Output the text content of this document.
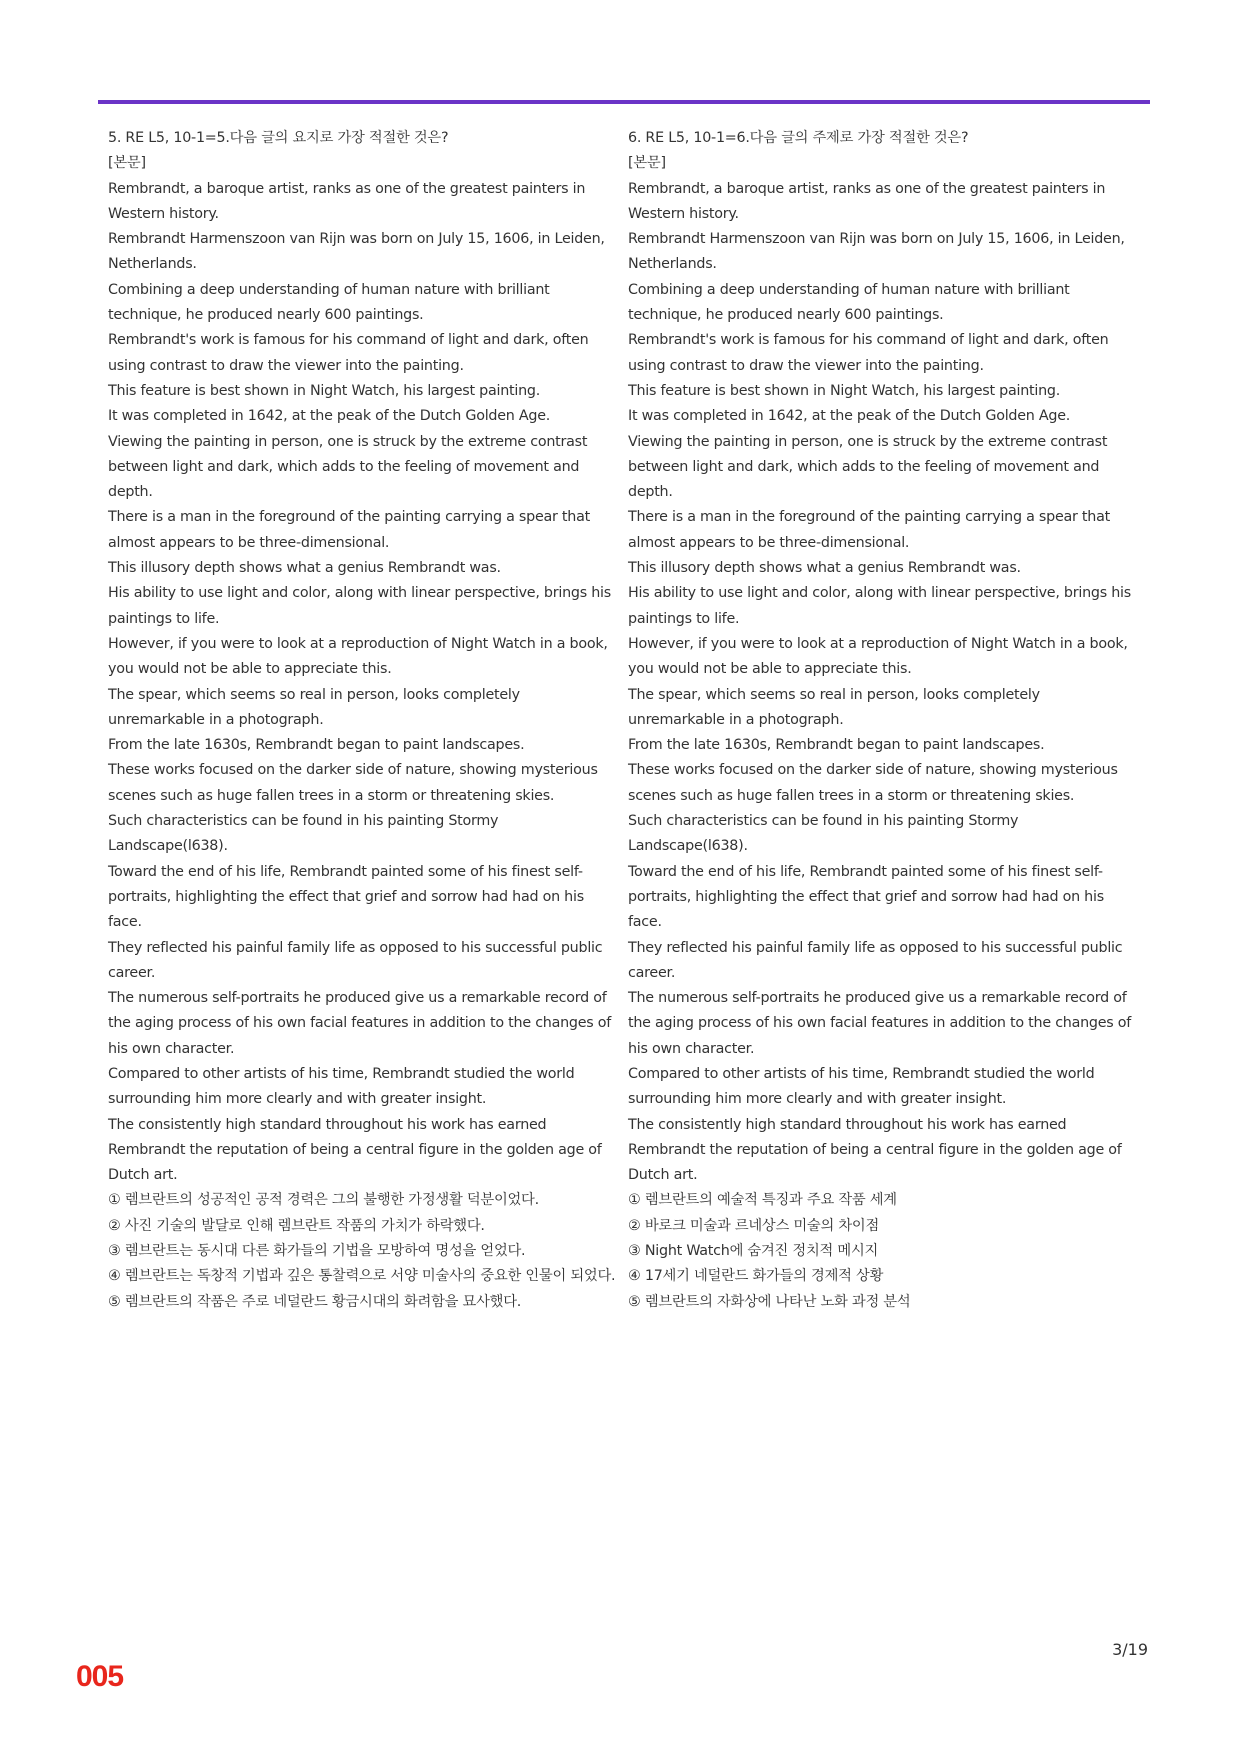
5. RE L5, 10-1=5.다음 글의 요지로 가장 적절한 것은?

[본문]

Rembrandt, a baroque artist, ranks as one of the greatest painters in Western history.

Rembrandt Harmenszoon van Rijn was born on July 15, 1606, in Leiden, Netherlands.

Combining a deep understanding of human nature with brilliant technique, he produced nearly 600 paintings.

Rembrandt's work is famous for his command of light and dark, often using contrast to draw the viewer into the painting.

This feature is best shown in Night Watch, his largest painting.

It was completed in 1642, at the peak of the Dutch Golden Age.

Viewing the painting in person, one is struck by the extreme contrast between light and dark, which adds to the feeling of movement and depth.

There is a man in the foreground of the painting carrying a spear that almost appears to be three-dimensional.

This illusory depth shows what a genius Rembrandt was.

His ability to use light and color, along with linear perspective, brings his paintings to life.

However, if you were to look at a reproduction of Night Watch in a book, you would not be able to appreciate this.

The spear, which seems so real in person, looks completely unremarkable in a photograph.

From the late 1630s, Rembrandt began to paint landscapes.

These works focused on the darker side of nature, showing mysterious scenes such as huge fallen trees in a storm or threatening skies.

Such characteristics can be found in his painting Stormy Landscape(l638).

Toward the end of his life, Rembrandt painted some of his finest self-portraits, highlighting the effect that grief and sorrow had had on his face.

They reflected his painful family life as opposed to his successful public career.

The numerous self-portraits he produced give us a remarkable record of the aging process of his own facial features in addition to the changes of his own character.

Compared to other artists of his time, Rembrandt studied the world surrounding him more clearly and with greater insight.

The consistently high standard throughout his work has earned Rembrandt the reputation of being a central figure in the golden age of Dutch art.

① 렘브란트의 성공적인 공적 경력은 그의 불행한 가정생활 덕분이었다.

② 사진 기술의 발달로 인해 렘브란트 작품의 가치가 하락했다.

③ 렘브란트는 동시대 다른 화가들의 기법을 모방하여 명성을 얻었다.

④ 렘브란트는 독창적 기법과 깊은 통찰력으로 서양 미술사의 중요한 인물이 되었다.

⑤ 렘브란트의 작품은 주로 네덜란드 황금시대의 화려함을 묘사했다.

6. RE L5, 10-1=6.다음 글의 주제로 가장 적절한 것은?

[본문]

Rembrandt, a baroque artist, ranks as one of the greatest painters in Western history.

Rembrandt Harmenszoon van Rijn was born on July 15, 1606, in Leiden, Netherlands.

Combining a deep understanding of human nature with brilliant technique, he produced nearly 600 paintings.

Rembrandt's work is famous for his command of light and dark, often using contrast to draw the viewer into the painting.

This feature is best shown in Night Watch, his largest painting.

It was completed in 1642, at the peak of the Dutch Golden Age.

Viewing the painting in person, one is struck by the extreme contrast between light and dark, which adds to the feeling of movement and depth.

There is a man in the foreground of the painting carrying a spear that almost appears to be three-dimensional.

This illusory depth shows what a genius Rembrandt was.

His ability to use light and color, along with linear perspective, brings his paintings to life.

However, if you were to look at a reproduction of Night Watch in a book, you would not be able to appreciate this.

The spear, which seems so real in person, looks completely unremarkable in a photograph.

From the late 1630s, Rembrandt began to paint landscapes.

These works focused on the darker side of nature, showing mysterious scenes such as huge fallen trees in a storm or threatening skies.

Such characteristics can be found in his painting Stormy Landscape(l638).

Toward the end of his life, Rembrandt painted some of his finest self-portraits, highlighting the effect that grief and sorrow had had on his face.

They reflected his painful family life as opposed to his successful public career.

The numerous self-portraits he produced give us a remarkable record of the aging process of his own facial features in addition to the changes of his own character.

Compared to other artists of his time, Rembrandt studied the world surrounding him more clearly and with greater insight.

The consistently high standard throughout his work has earned Rembrandt the reputation of being a central figure in the golden age of Dutch art.

① 렘브란트의 예술적 특징과 주요 작품 세계

② 바로크 미술과 르네상스 미술의 차이점

③ Night Watch에 숨겨진 정치적 메시지

④ 17세기 네덜란드 화가들의 경제적 상황

⑤ 렘브란트의 자화상에 나타난 노화 과정 분석

3/19
005
